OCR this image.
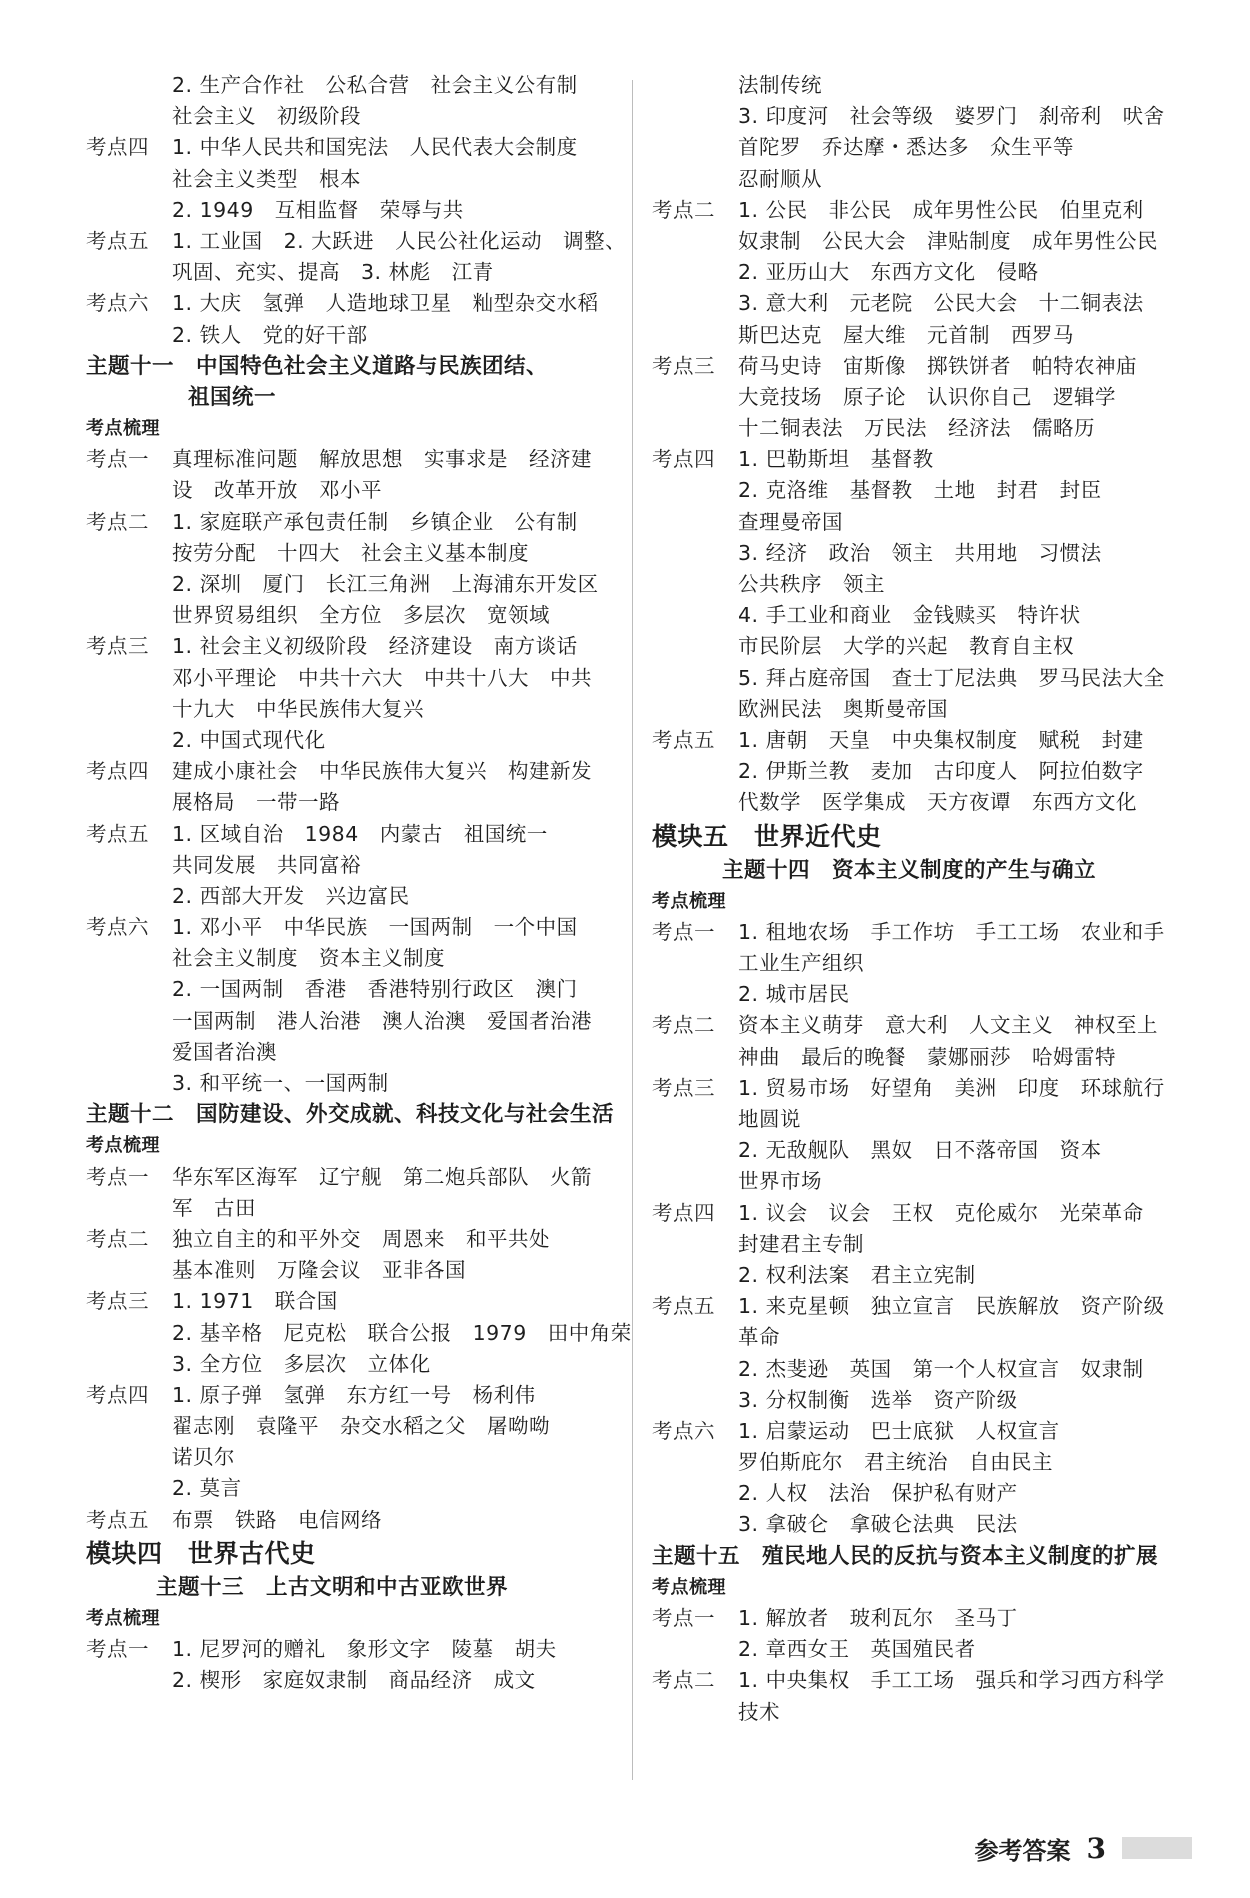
2. 生产合作社　公私合营　社会主义公有制
社会主义　初级阶段
考点四 1. 中华人民共和国宪法　人民代表大会制度
社会主义类型　根本
2. 1949　互相监督　荣辱与共
考点五 1. 工业国　2. 大跃进　人民公社化运动　调整、
巩固、充实、提高　3. 林彪　江青
考点六 1. 大庆　氢弹　人造地球卫星　籼型杂交水稻
2. 铁人　党的好干部
主题十一　中国特色社会主义道路与民族团结、
祖国统一
考点梳理
考点一 真理标准问题　解放思想　实事求是　经济建
设　改革开放　邓小平
考点二 1. 家庭联产承包责任制　乡镇企业　公有制
按劳分配　十四大　社会主义基本制度
2. 深圳　厦门　长江三角洲　上海浦东开发区
世界贸易组织　全方位　多层次　宽领域
考点三 1. 社会主义初级阶段　经济建设　南方谈话
邓小平理论　中共十六大　中共十八大　中共
十九大　中华民族伟大复兴
2. 中国式现代化
考点四 建成小康社会　中华民族伟大复兴　构建新发
展格局　一带一路
考点五 1. 区域自治　1984　内蒙古　祖国统一
共同发展　共同富裕
2. 西部大开发　兴边富民
考点六 1. 邓小平　中华民族　一国两制　一个中国
社会主义制度　资本主义制度
2. 一国两制　香港　香港特别行政区　澳门
一国两制　港人治港　澳人治澳　爱国者治港
爱国者治澳
3. 和平统一、一国两制
主题十二　国防建设、外交成就、科技文化与社会生活
考点梳理
考点一 华东军区海军　辽宁舰　第二炮兵部队　火箭
军　古田
考点二 独立自主的和平外交　周恩来　和平共处
基本准则　万隆会议　亚非各国
考点三 1. 1971　联合国
2. 基辛格　尼克松　联合公报　1979　田中角荣
3. 全方位　多层次　立体化
考点四 1. 原子弹　氢弹　东方红一号　杨利伟
翟志刚　袁隆平　杂交水稻之父　屠呦呦
诺贝尔
2. 莫言
考点五 布票　铁路　电信网络
模块四　世界古代史
主题十三　上古文明和中古亚欧世界
考点梳理
考点一 1. 尼罗河的赠礼　象形文字　陵墓　胡夫
2. 楔形　家庭奴隶制　商品经济　成文
法制传统
3. 印度河　社会等级　婆罗门　刹帝利　吠舍
首陀罗　乔达摩・悉达多　众生平等
忍耐顺从
考点二 1. 公民　非公民　成年男性公民　伯里克利
奴隶制　公民大会　津贴制度　成年男性公民
2. 亚历山大　东西方文化　侵略
3. 意大利　元老院　公民大会　十二铜表法
斯巴达克　屋大维　元首制　西罗马
考点三 荷马史诗　宙斯像　掷铁饼者　帕特农神庙
大竞技场　原子论　认识你自己　逻辑学
十二铜表法　万民法　经济法　儒略历
考点四 1. 巴勒斯坦　基督教
2. 克洛维　基督教　土地　封君　封臣
查理曼帝国
3. 经济　政治　领主　共用地　习惯法
公共秩序　领主
4. 手工业和商业　金钱赎买　特许状
市民阶层　大学的兴起　教育自主权
5. 拜占庭帝国　查士丁尼法典　罗马民法大全
欧洲民法　奥斯曼帝国
考点五 1. 唐朝　天皇　中央集权制度　赋税　封建
2. 伊斯兰教　麦加　古印度人　阿拉伯数字
代数学　医学集成　天方夜谭　东西方文化
模块五　世界近代史
主题十四　资本主义制度的产生与确立
考点梳理
考点一 1. 租地农场　手工作坊　手工工场　农业和手
工业生产组织
2. 城市居民
考点二 资本主义萌芽　意大利　人文主义　神权至上
神曲　最后的晚餐　蒙娜丽莎　哈姆雷特
考点三 1. 贸易市场　好望角　美洲　印度　环球航行
地圆说
2. 无敌舰队　黑奴　日不落帝国　资本
世界市场
考点四 1. 议会　议会　王权　克伦威尔　光荣革命
封建君主专制
2. 权利法案　君主立宪制
考点五 1. 来克星顿　独立宣言　民族解放　资产阶级
革命
2. 杰斐逊　英国　第一个人权宣言　奴隶制
3. 分权制衡　选举　资产阶级
考点六 1. 启蒙运动　巴士底狱　人权宣言
罗伯斯庇尔　君主统治　自由民主
2. 人权　法治　保护私有财产
3. 拿破仑　拿破仑法典　民法
主题十五　殖民地人民的反抗与资本主义制度的扩展
考点梳理
考点一 1. 解放者　玻利瓦尔　圣马丁
2. 章西女王　英国殖民者
考点二 1. 中央集权　手工工场　强兵和学习西方科学
技术
参考答案 3
